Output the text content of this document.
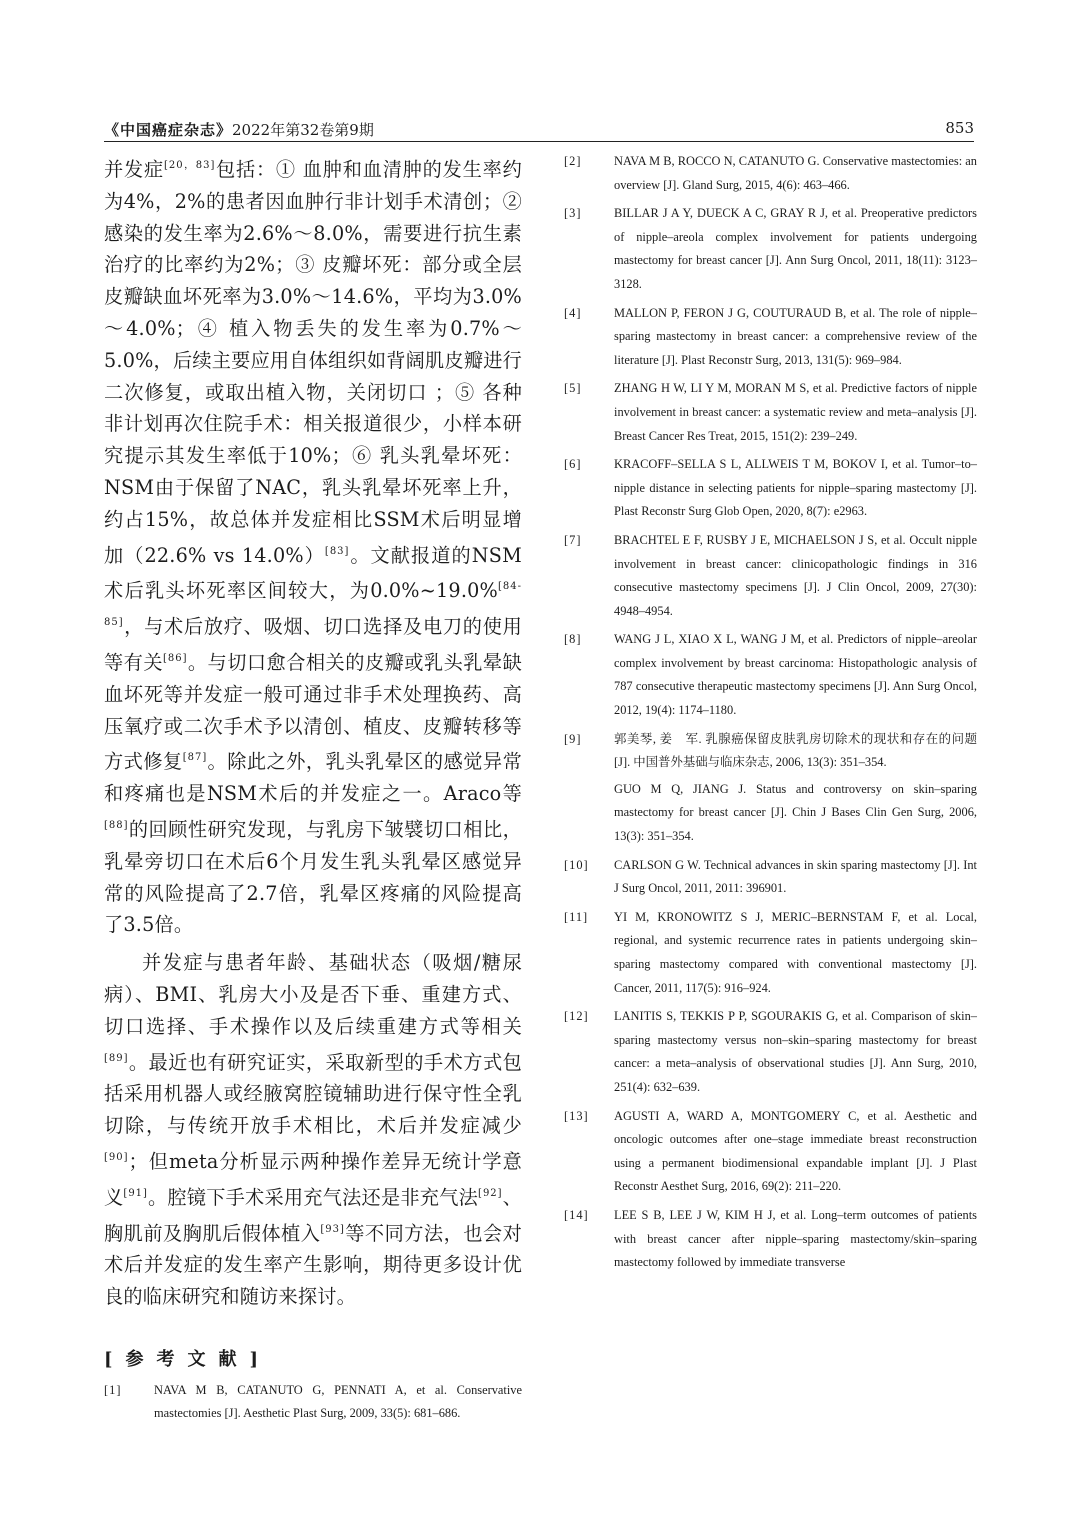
《中国癌症杂志》2022年第32卷第9期	853

并发症[20，83]包括：① 血肿和血清肿的发生率约为4%，2%的患者因血肿行非计划手术清创；② 感染的发生率为2.6%～8.0%，需要进行抗生素治疗的比率约为2%；③ 皮瓣坏死：部分或全层皮瓣缺血坏死率为3.0%～14.6%，平均为3.0%～4.0%；④ 植入物丢失的发生率为0.7%～5.0%，后续主要应用自体组织如背阔肌皮瓣进行二次修复，或取出植入物，关闭切口 ；⑤ 各种非计划再次住院手术：相关报道很少，小样本研究提示其发生率低于10%；⑥ 乳头乳晕坏死：NSM由于保留了NAC，乳头乳晕坏死率上升，约占15%，故总体并发症相比SSM术后明显增加（22.6% vs 14.0%）[83]。文献报道的NSM术后乳头坏死率区间较大，为0.0%~19.0%[84-85]，与术后放疗、吸烟、切口选择及电刀的使用等有关[86]。与切口愈合相关的皮瓣或乳头乳晕缺血坏死等并发症一般可通过非手术处理换药、高压氧疗或二次手术予以清创、植皮、皮瓣转移等方式修复[87]。除此之外，乳头乳晕区的感觉异常和疼痛也是NSM术后的并发症之一。Araco等[88]的回顾性研究发现，与乳房下皱襞切口相比，乳晕旁切口在术后6个月发生乳头乳晕区感觉异常的风险提高了2.7倍，乳晕区疼痛的风险提高了3.5倍。

并发症与患者年龄、基础状态（吸烟/糖尿病）、BMI、乳房大小及是否下垂、重建方式、切口选择、手术操作以及后续重建方式等相关[89]。最近也有研究证实，采取新型的手术方式包括采用机器人或经腋窝腔镜辅助进行保守性全乳切除，与传统开放手术相比，术后并发症减少[90]；但meta分析显示两种操作差异无统计学意义[91]。腔镜下手术采用充气法还是非充气法[92]、胸肌前及胸肌后假体植入[93]等不同方法，也会对术后并发症的发生率产生影响，期待更多设计优良的临床研究和随访来探讨。

[参考文献]
[1]	NAVA M B, CATANUTO G, PENNATI A, et al. Conservative mastectomies [J]. Aesthetic Plast Surg, 2009, 33(5): 681–686.
[2]	NAVA M B, ROCCO N, CATANUTO G. Conservative mastectomies: an overview [J]. Gland Surg, 2015, 4(6): 463–466.
[3]	BILLAR J A Y, DUECK A C, GRAY R J, et al. Preoperative predictors of nipple–areola complex involvement for patients undergoing mastectomy for breast cancer [J]. Ann Surg Oncol, 2011, 18(11): 3123–3128.
[4]	MALLON P, FERON J G, COUTURAUD B, et al. The role of nipple–sparing mastectomy in breast cancer: a comprehensive review of the literature [J]. Plast Reconstr Surg, 2013, 131(5): 969–984.
[5]	ZHANG H W, LI Y M, MORAN M S, et al. Predictive factors of nipple involvement in breast cancer: a systematic review and meta–analysis [J]. Breast Cancer Res Treat, 2015, 151(2): 239–249.
[6]	KRACOFF–SELLA S L, ALLWEIS T M, BOKOV I, et al. Tumor–to–nipple distance in selecting patients for nipple–sparing mastectomy [J]. Plast Reconstr Surg Glob Open, 2020, 8(7): e2963.
[7]	BRACHTEL E F, RUSBY J E, MICHAELSON J S, et al. Occult nipple involvement in breast cancer: clinicopathologic findings in 316 consecutive mastectomy specimens [J]. J Clin Oncol, 2009, 27(30): 4948–4954.
[8]	WANG J L, XIAO X L, WANG J M, et al. Predictors of nipple–areolar complex involvement by breast carcinoma: Histopathologic analysis of 787 consecutive therapeutic mastectomy specimens [J]. Ann Surg Oncol, 2012, 19(4): 1174–1180.
[9]	郭美琴, 姜　军. 乳腺癌保留皮肤乳房切除术的现状和存在的问题 [J]. 中国普外基础与临床杂志, 2006, 13(3): 351–354.
GUO M Q, JIANG J. Status and controversy on skin–sparing mastectomy for breast cancer [J]. Chin J Bases Clin Gen Surg, 2006, 13(3): 351–354.
[10]	CARLSON G W. Technical advances in skin sparing mastectomy [J]. Int J Surg Oncol, 2011, 2011: 396901.
[11]	YI M, KRONOWITZ S J, MERIC–BERNSTAM F, et al. Local, regional, and systemic recurrence rates in patients undergoing skin–sparing mastectomy compared with conventional mastectomy [J]. Cancer, 2011, 117(5): 916–924.
[12]	LANITIS S, TEKKIS P P, SGOURAKIS G, et al. Comparison of skin–sparing mastectomy versus non–skin–sparing mastectomy for breast cancer: a meta–analysis of observational studies [J]. Ann Surg, 2010, 251(4): 632–639.
[13]	AGUSTI A, WARD A, MONTGOMERY C, et al. Aesthetic and oncologic outcomes after one–stage immediate breast reconstruction using a permanent biodimensional expandable implant [J]. J Plast Reconstr Aesthet Surg, 2016, 69(2): 211–220.
[14]	LEE S B, LEE J W, KIM H J, et al. Long–term outcomes of patients with breast cancer after nipple–sparing mastectomy/skin–sparing mastectomy followed by immediate transverse
